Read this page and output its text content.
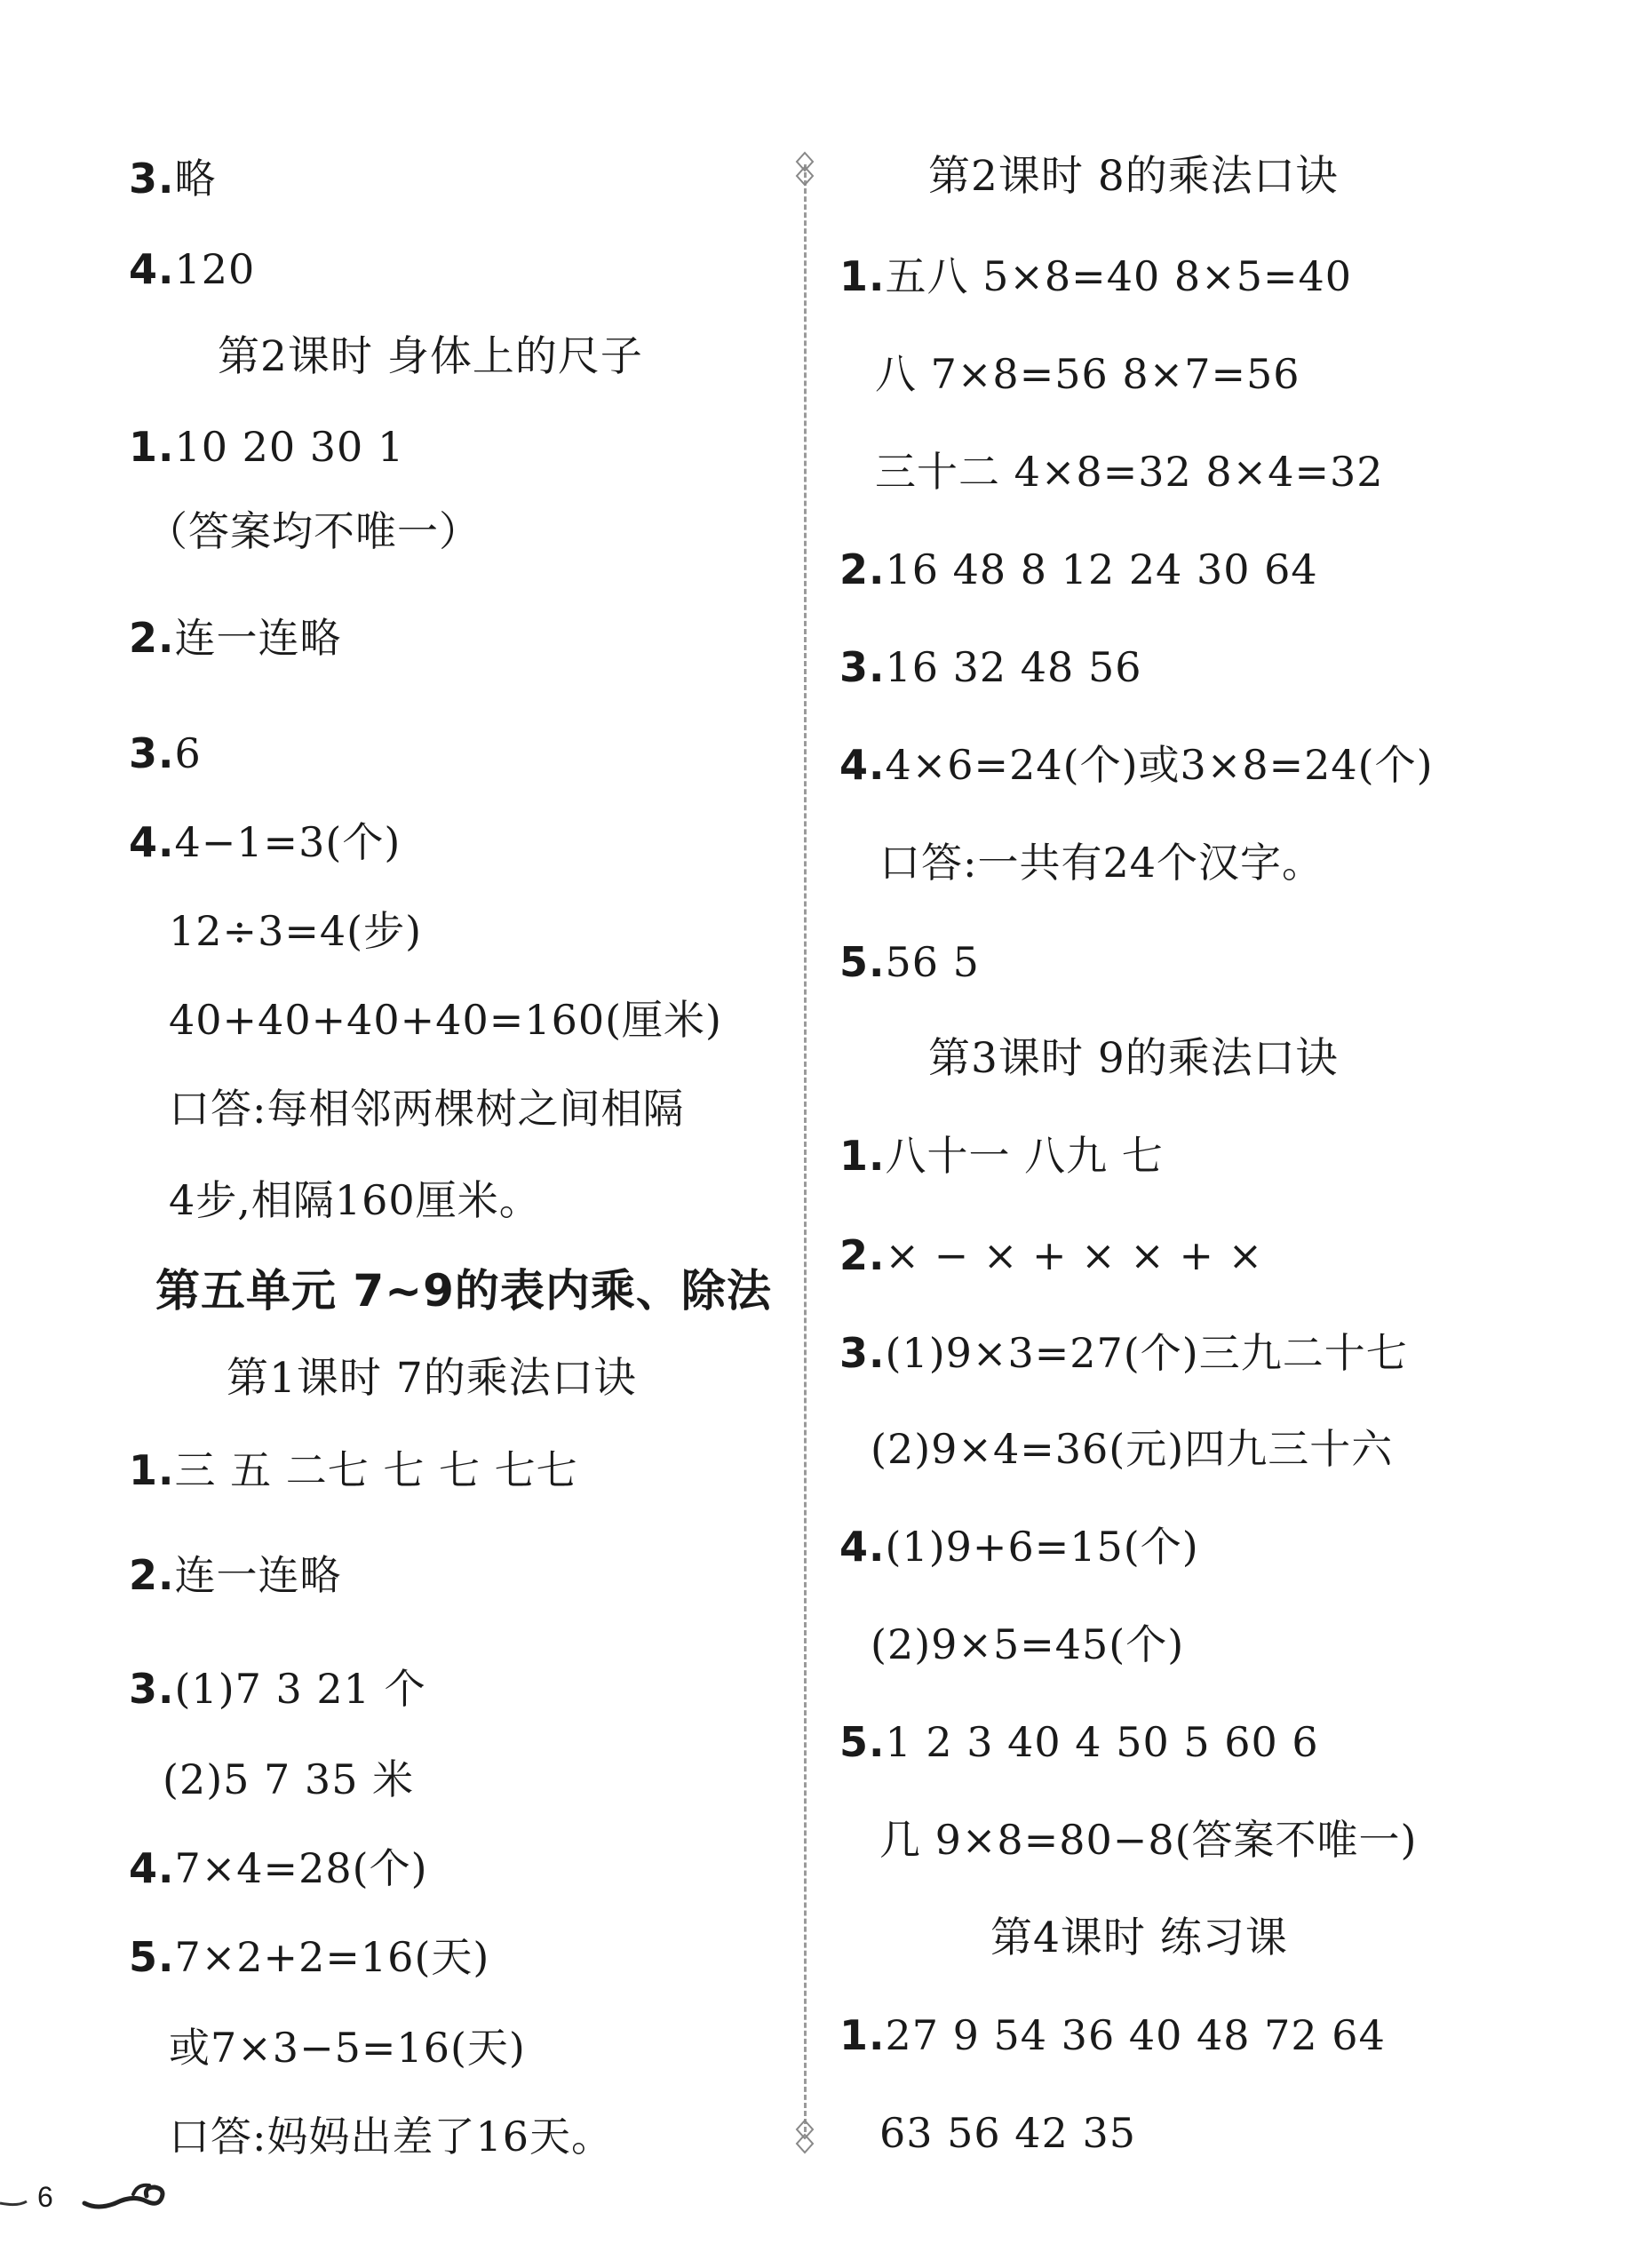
3.略
4.120
第2课时 身体上的尺子
1.10 20 30 1
（答案均不唯一）
2.连一连略
3.6
4.4−1=3(个)
12÷3=4(步)
40+40+40+40=160(厘米)
口答:每相邻两棵树之间相隔
4步,相隔160厘米。
第五单元 7~9的表内乘、除法
第1课时 7的乘法口诀
1.三 五 二七 七 七 七七
2.连一连略
3.(1)7 3 21 个
(2)5 7 35 米
4.7×4=28(个)
5.7×2+2=16(天)
或7×3−5=16(天)
口答:妈妈出差了16天。
第2课时 8的乘法口诀
1.五八 5×8=40 8×5=40
八 7×8=56 8×7=56
三十二 4×8=32 8×4=32
2.16 48 8 12 24 30 64
3.16 32 48 56
4.4×6=24(个)或3×8=24(个)
口答:一共有24个汉字。
5.56 5
第3课时 9的乘法口诀
1.八十一 八九 七
2.× − × + × × + ×
3.(1)9×3=27(个)三九二十七
(2)9×4=36(元)四九三十六
4.(1)9+6=15(个)
(2)9×5=45(个)
5.1 2 3 40 4 50 5 60 6
几 9×8=80−8(答案不唯一)
第4课时 练习课
1.27 9 54 36 40 48 72 64
63 56 42 35
6
